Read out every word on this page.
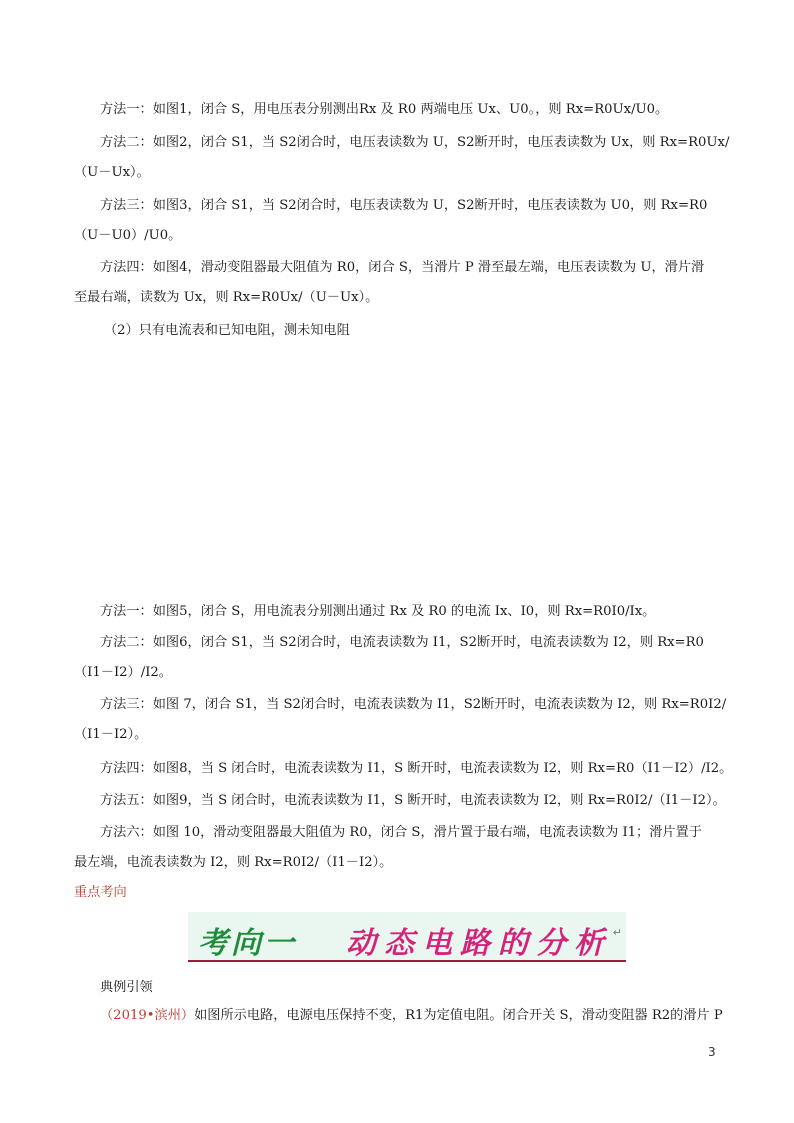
方法一：如图1，闭合 S，用电压表分别测出Rx 及 R0 两端电压 Ux、U0。，则 Rx=R0Ux/U0。
方法二：如图2，闭合 S1，当 S2闭合时，电压表读数为 U，S2断开时，电压表读数为 Ux，则 Rx=R0Ux/
（U－Ux）。
方法三：如图3，闭合 S1，当 S2闭合时，电压表读数为 U，S2断开时，电压表读数为 U0，则 Rx=R0
（U－U0）/U0。
方法四：如图4，滑动变阻器最大阻值为 R0，闭合 S，当滑片 P 滑至最左端，电压表读数为 U，滑片滑
至最右端，读数为 Ux，则 Rx=R0Ux/（U－Ux）。
（2）只有电流表和已知电阻，测未知电阻
方法一：如图5，闭合 S，用电流表分别测出通过 Rx 及 R0 的电流 Ix、I0，则 Rx=R0I0/Ix。
方法二：如图6，闭合 S1，当 S2闭合时，电流表读数为 I1，S2断开时，电流表读数为 I2，则 Rx=R0
（I1－I2）/I2。
方法三：如图 7，闭合 S1，当 S2闭合时，电流表读数为 I1，S2断开时，电流表读数为 I2，则 Rx=R0I2/
（I1－I2）。
方法四：如图8，当 S 闭合时，电流表读数为 I1，S 断开时，电流表读数为 I2，则 Rx=R0（I1－I2）/I2。
方法五：如图9，当 S 闭合时，电流表读数为 I1，S 断开时，电流表读数为 I2，则 Rx=R0I2/（I1－I2）。
方法六：如图 10，滑动变阻器最大阻值为 R0，闭合 S，滑片置于最右端，电流表读数为 I1；滑片置于
最左端，电流表读数为 I2，则 Rx=R0I2/（I1－I2）。
重点考向
考向一 动态电路的分析 ↵
典例引领
（2019•滨州）如图所示电路，电源电压保持不变，R1为定值电阻。闭合开关 S，滑动变阻器 R2的滑片 P
3
